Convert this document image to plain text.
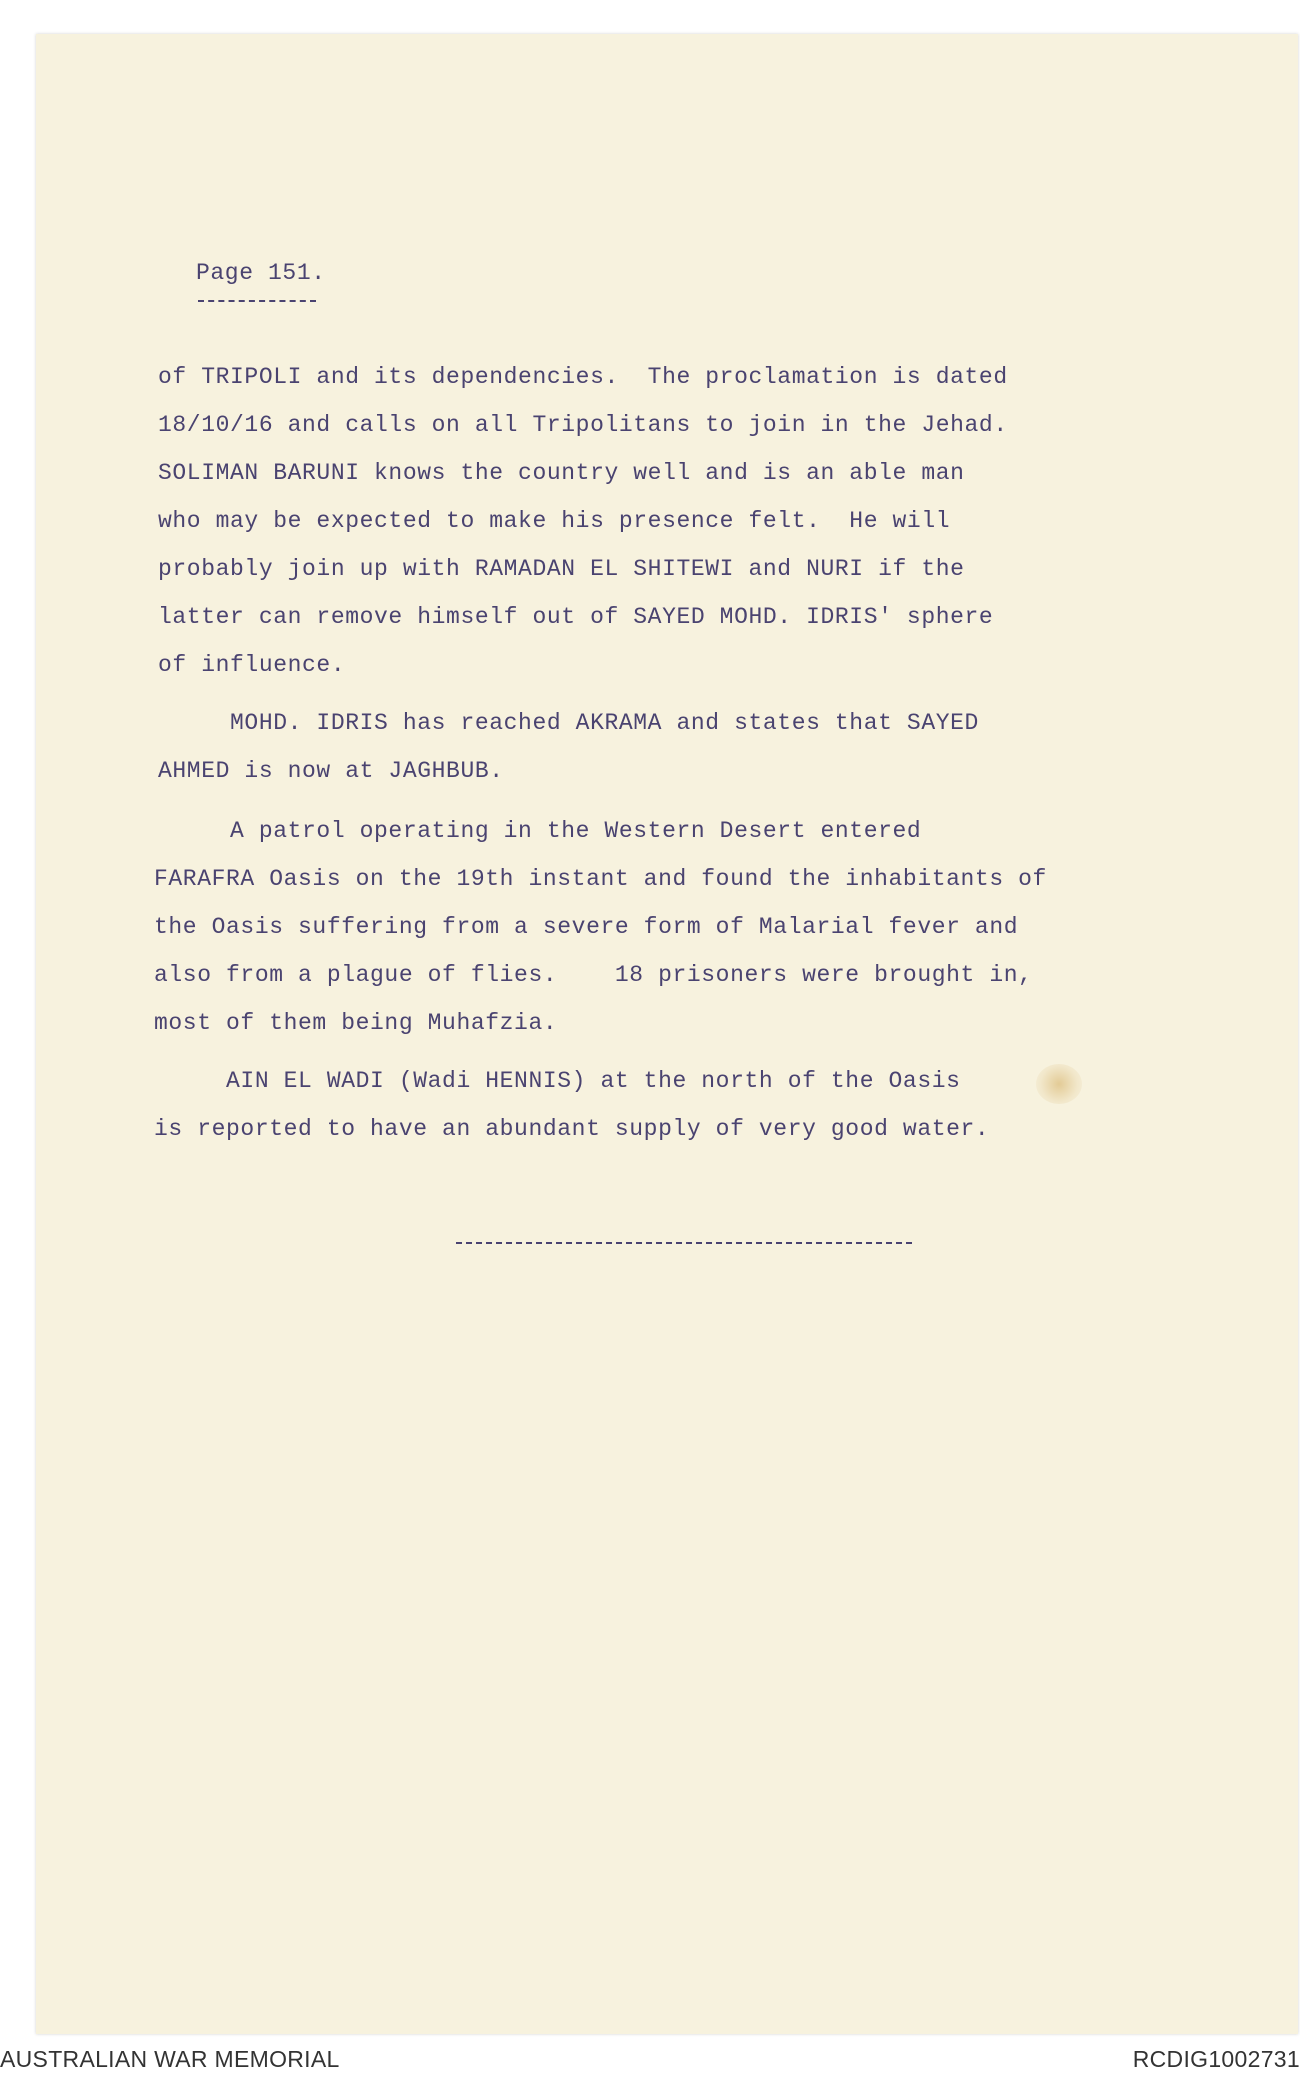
Page 151.
of TRIPOLI and its dependencies.  The proclamation is dated
18/10/16 and calls on all Tripolitans to join in the Jehad.
SOLIMAN BARUNI knows the country well and is an able man
who may be expected to make his presence felt.  He will
probably join up with RAMADAN EL SHITEWI and NURI if the
latter can remove himself out of SAYED MOHD. IDRIS' sphere
of influence.
MOHD. IDRIS has reached AKRAMA and states that SAYED
AHMED is now at JAGHBUB.
A patrol operating in the Western Desert entered
FARAFRA Oasis on the 19th instant and found the inhabitants of
the Oasis suffering from a severe form of Malarial fever and
also from a plague of flies.    18 prisoners were brought in,
most of them being Muhafzia.
AIN EL WADI (Wadi HENNIS) at the north of the Oasis
is reported to have an abundant supply of very good water.
AUSTRALIAN WAR MEMORIAL	RCDIG1002731
